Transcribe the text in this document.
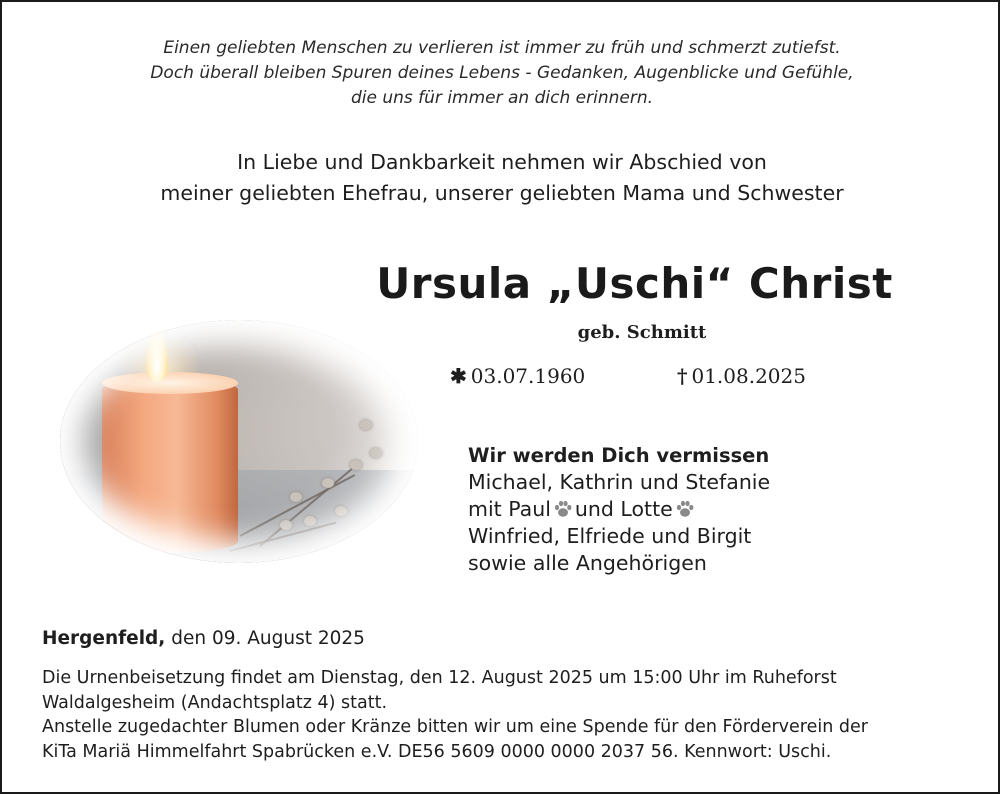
Einen geliebten Menschen zu verlieren ist immer zu früh und schmerzt zutiefst.
Doch überall bleiben Spuren deines Lebens - Gedanken, Augenblicke und Gefühle,
die uns für immer an dich erinnern.
In Liebe und Dankbarkeit nehmen wir Abschied von
meiner geliebten Ehefrau, unserer geliebten Mama und Schwester
Ursula „Uschi“ Christ
geb. Schmitt
✱ 03.07.1960	† 01.08.2025
Wir werden Dich vermissen
Michael, Kathrin und Stefanie
mit Paul und Lotte
Winfried, Elfriede und Birgit
sowie alle Angehörigen
Hergenfeld, den 09. August 2025
Die Urnenbeisetzung findet am Dienstag, den 12. August 2025 um 15:00 Uhr im Ruheforst
Waldalgesheim (Andachtsplatz 4) statt.
Anstelle zugedachter Blumen oder Kränze bitten wir um eine Spende für den Förderverein der
KiTa Mariä Himmelfahrt Spabrücken e.V. DE56 5609 0000 0000 2037 56. Kennwort: Uschi.
